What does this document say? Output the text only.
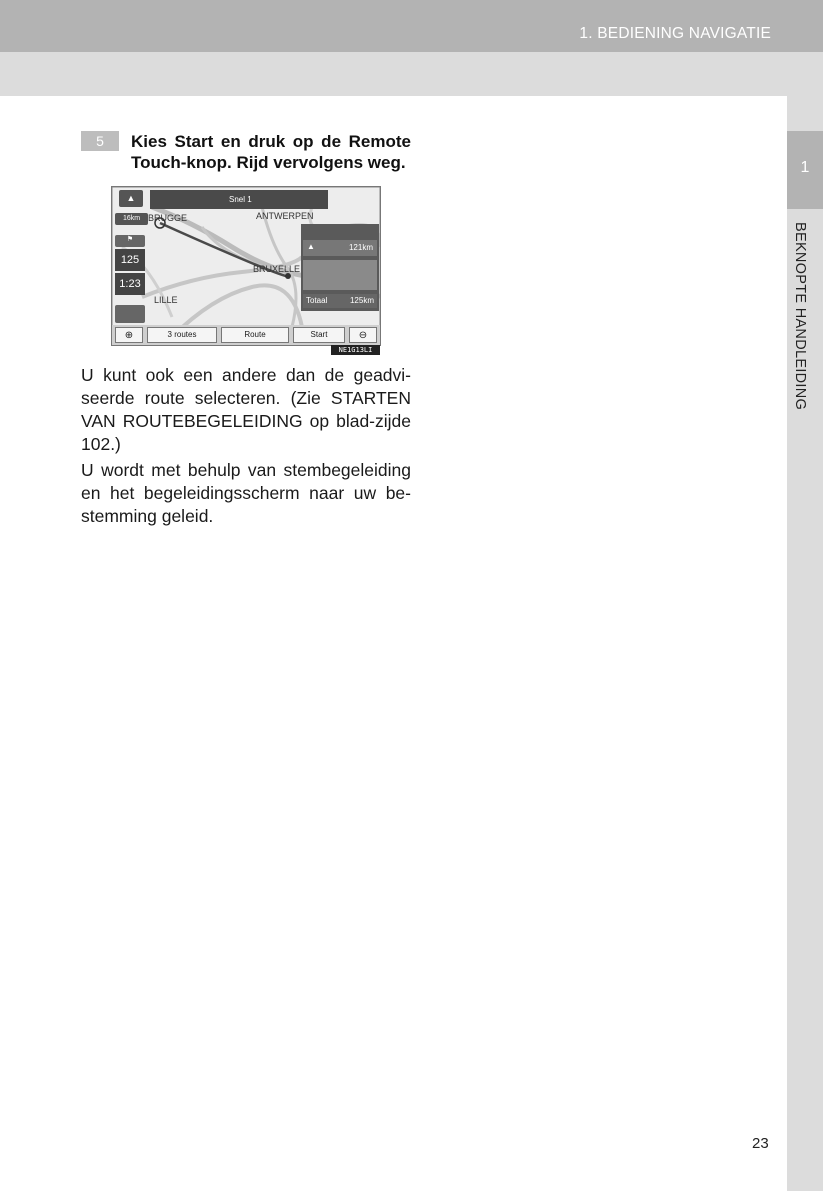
1. BEDIENING NAVIGATIE
1
BEKNOPTE HANDLEIDING
5	Kies Start en druk op de Remote Touch-knop. Rijd vervolgens weg.
Snel 1
▲
16km BRUGGE	ANTWERPEN
BRUXELLE
LILLE
⚑
125
1:23
▲	121km
Totaal	125km
⊕	3 routes	Route	Start	⊖
NE1G13LI
U kunt ook een andere dan de geadvi-seerde route selecteren. (Zie STARTEN VAN ROUTEBEGELEIDING op blad-zijde 102.)
U wordt met behulp van stembegeleiding en het begeleidingsscherm naar uw be-stemming geleid.
23
